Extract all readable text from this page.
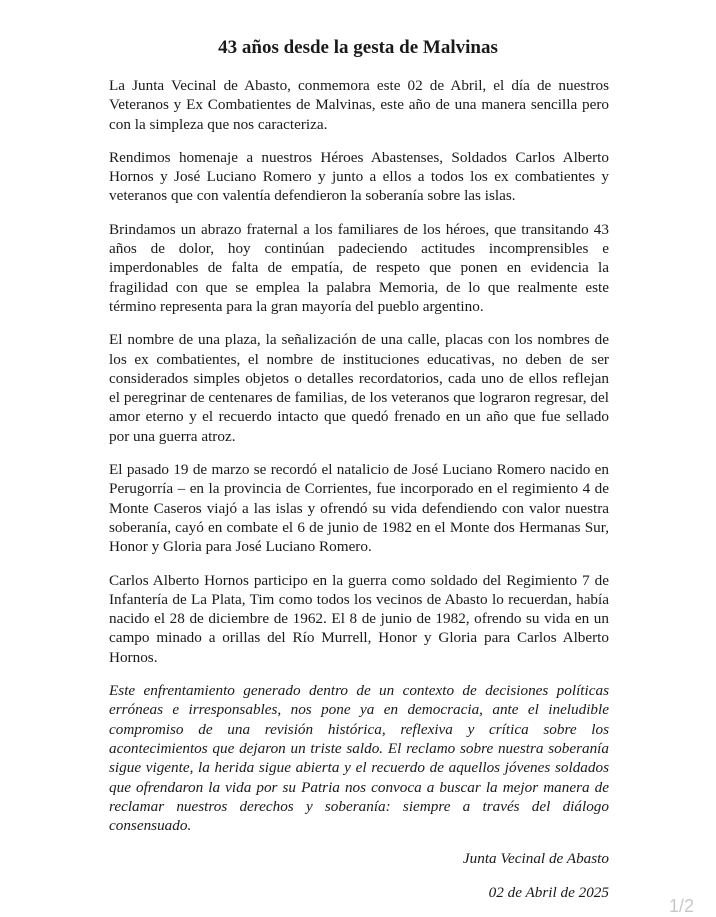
43 años desde la gesta de Malvinas

La Junta Vecinal de Abasto, conmemora este 02 de Abril, el día de nuestros Veteranos y Ex Combatientes de Malvinas, este año de una manera sencilla pero con la simpleza que nos caracteriza.

Rendimos homenaje a nuestros Héroes Abastenses, Soldados Carlos Alberto Hornos y José Luciano Romero y junto a ellos a todos los ex combatientes y veteranos que con valentía defendieron la soberanía sobre las islas.

Brindamos un abrazo fraternal a los familiares de los héroes, que transitando 43 años de dolor, hoy continúan padeciendo actitudes incomprensibles e imperdonables de falta de empatía, de respeto que ponen en evidencia la fragilidad con que se emplea la palabra Memoria, de lo que realmente este término representa para la gran mayoría del pueblo argentino.

El nombre de una plaza, la señalización de una calle, placas con los nombres de los ex combatientes, el nombre de instituciones educativas, no deben de ser considerados simples objetos o detalles recordatorios, cada uno de ellos reflejan el peregrinar de centenares de familias, de los veteranos que lograron regresar, del amor eterno y el recuerdo intacto que quedó frenado en un año que fue sellado por una guerra atroz.

El pasado 19 de marzo se recordó el natalicio de José Luciano Romero nacido en Perugorría – en la provincia de Corrientes, fue incorporado en el regimiento 4 de Monte Caseros viajó a las islas y ofrendó su vida defendiendo con valor nuestra soberanía, cayó en combate el 6 de junio de 1982 en el Monte dos Hermanas Sur, Honor y Gloria para José Luciano Romero.

Carlos Alberto Hornos participo en la guerra como soldado del Regimiento 7 de Infantería de La Plata, Tim como todos los vecinos de Abasto lo recuerdan, había nacido el 28 de diciembre de 1962. El 8 de junio de 1982, ofrendo su vida en un campo minado a orillas del Río Murrell, Honor y Gloria para Carlos Alberto Hornos.

Este enfrentamiento generado dentro de un contexto de decisiones políticas erróneas e irresponsables, nos pone ya en democracia, ante el ineludible compromiso de una revisión histórica, reflexiva y crítica sobre los acontecimientos que dejaron un triste saldo. El reclamo sobre nuestra soberanía sigue vigente, la herida sigue abierta y el recuerdo de aquellos jóvenes soldados que ofrendaron la vida por su Patria nos convoca a buscar la mejor manera de reclamar nuestros derechos y soberanía: siempre a través del diálogo consensuado.

Junta Vecinal de Abasto

02 de Abril de 2025

1/2
